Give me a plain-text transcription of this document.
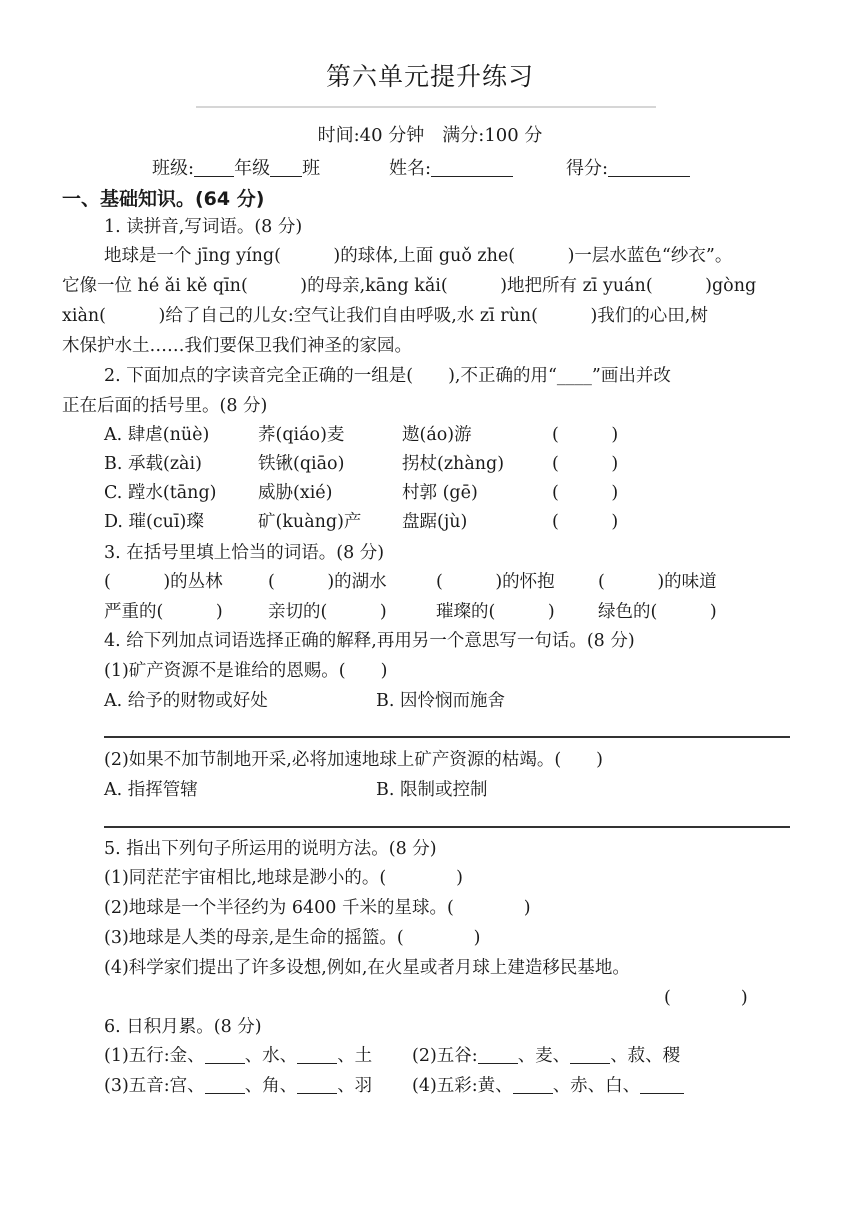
第六单元提升练习
时间:40 分钟　满分:100 分
班级: 年级 班	姓名:	得分:
一、基础知识。(64 分)
1. 读拼音,写词语。(8 分)
地球是一个 jīng yíng(　　　)的球体,上面 guǒ zhe(　　　)一层水蓝色“纱衣”。
它像一位 hé ǎi kě qīn(　　　)的母亲,kāng kǎi(　　　)地把所有 zī yuán(　　　)gòng
xiàn(　　　)给了自己的儿女:空气让我们自由呼吸,水 zī rùn(　　　)我们的心田,树
木保护水土……我们要保卫我们神圣的家园。
2. 下面加点的字读音完全正确的一组是(　　),不正确的用“____”画出并改
正在后面的括号里。(8 分)
A. 肆虐(nüè)	荞(qiáo)麦	遨(áo)游	(　　　)
B. 承载(zài)	铁锹(qiāo)	拐杖(zhàng)	(　　　)
C. 蹚水(tāng) 威胁(xié)	村郭 (gē)	(　　　)
D. 璀(cuī)璨	矿(kuàng)产 盘踞(jù)	(　　　)
3. 在括号里填上恰当的词语。(8 分)
(　　　)的丛林	(　　　)的湖水	(　　　)的怀抱 (　　　)的味道
严重的(　　　)	亲切的(　　　)	璀璨的(　　　) 绿色的(　　　)
4. 给下列加点词语选择正确的解释,再用另一个意思写一句话。(8 分)
(1)矿产资源不是谁给的恩赐。(　　)
A. 给予的财物或好处	B. 因怜悯而施舍
(2)如果不加节制地开采,必将加速地球上矿产资源的枯竭。(　　)
A. 指挥管辖	B. 限制或控制
5. 指出下列句子所运用的说明方法。(8 分)
(1)同茫茫宇宙相比,地球是渺小的。(　　　　)
(2)地球是一个半径约为 6400 千米的星球。(　　　　)
(3)地球是人类的母亲,是生命的摇篮。(　　　　)
(4)科学家们提出了许多设想,例如,在火星或者月球上建造移民基地。
(　　　　)
6. 日积月累。(8 分)
(1)五行:金、 、水、 、土 (2)五谷: 、麦、 、菽、稷
(3)五音:宫、 、角、 、羽 (4)五彩:黄、 、赤、白、
